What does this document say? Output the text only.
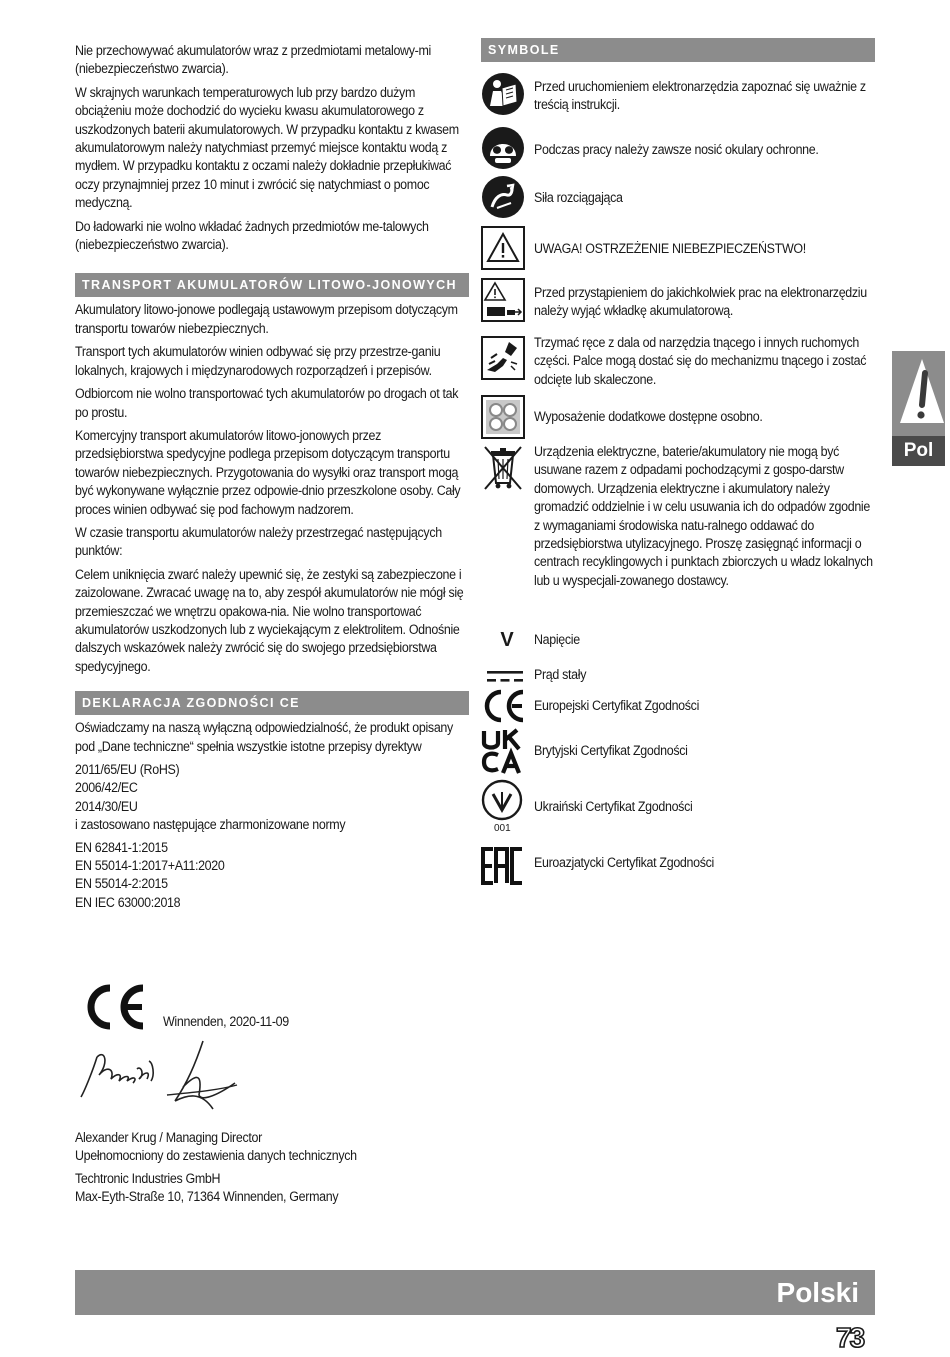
Nie przechowywać akumulatorów wraz z przedmiotami metalowy-mi (niebezpieczeństwo zwarcia).

W skrajnych warunkach temperaturowych lub przy bardzo dużym obciążeniu może dochodzić do wycieku kwasu akumulatorowego z uszkodzonych baterii akumulatorowych. W przypadku kontaktu z kwasem akumulatorowym należy natychmiast przemyć miejsce kontaktu wodą z mydłem. W przypadku kontaktu z oczami należy dokładnie przepłukiwać oczy przynajmniej przez 10 minut i zwrócić się natychmiast o pomoc medyczną.

Do ładowarki nie wolno wkładać żadnych przedmiotów me-talowych (niebezpieczeństwo zwarcia).

TRANSPORT AKUMULATORÓW LITOWO-JONOWYCH

Akumulatory litowo-jonowe podlegają ustawowym przepisom dotyczącym transportu towarów niebezpiecznych.

Transport tych akumulatorów winien odbywać się przy przestrze-ganiu lokalnych, krajowych i międzynarodowych rozporządzeń i przepisów.

Odbiorcom nie wolno transportować tych akumulatorów po drogach ot tak po prostu.

Komercyjny transport akumulatorów litowo-jonowych przez przedsiębiorstwa spedycyjne podlega przepisom dotyczącym transportu towarów niebezpiecznych. Przygotowania do wysyłki oraz transport mogą być wykonywane wyłącznie przez odpowie-dnio przeszkolone osoby. Cały proces winien odbywać się pod fachowym nadzorem.

W czasie transportu akumulatorów należy przestrzegać następujących punktów:

Celem uniknięcia zwarć należy upewnić się, że zestyki są zabezpieczone i zaizolowane. Zwracać uwagę na to, aby zespół akumulatorów nie mógł się przemieszczać we wnętrzu opakowa-nia. Nie wolno transportować akumulatorów uszkodzonych lub z wyciekającym z elektrolitem. Odnośnie dalszych wskazówek należy zwrócić się do swojego przedsiębiorstwa spedycyjnego.

DEKLARACJA ZGODNOŚCI CE

Oświadczamy na naszą wyłączną odpowiedzialność, że produkt opisany pod „Dane techniczne“ spełnia wszystkie istotne przepisy dyrektyw

2011/65/EU (RoHS)
2006/42/EC
2014/30/EU
i zastosowano następujące zharmonizowane normy

EN 62841-1:2015
EN 55014-1:2017+A11:2020
EN 55014-2:2015
EN IEC 63000:2018

Winnenden, 2020-11-09

Alexander Krug / Managing Director
Upełnomocniony do zestawienia danych technicznych

Techtronic Industries GmbH
Max-Eyth-Straße 10, 71364 Winnenden, Germany

SYMBOLE
Przed uruchomieniem elektronarzędzia zapoznać się uważnie z treścią instrukcji.
Podczas pracy należy zawsze nosić okulary ochronne.
Siła rozciągająca
UWAGA! OSTRZEŻENIE NIEBEZPIECZEŃSTWO!
Przed przystąpieniem do jakichkolwiek prac na elektronarzędziu należy wyjąć wkładkę akumulatorową.
Trzymać ręce z dala od narzędzia tnącego i innych ruchomych części. Palce mogą dostać się do mechanizmu tnącego i zostać odcięte lub skaleczone.
Wyposażenie dodatkowe dostępne osobno.
Urządzenia elektryczne, baterie/akumulatory nie mogą być usuwane razem z odpadami pochodzącymi z gospo-darstw domowych. Urządzenia elektryczne i akumulatory należy gromadzić oddzielnie i w celu usuwania ich do odpadów zgodnie z wymaganiami środowiska natu-ralnego oddawać do przedsiębiorstwa utylizacyjnego. Proszę zasięgnąć informacji o centrach recyklingowych i punktach zbiorczych u władz lokalnych lub u wyspecjali-zowanego dostawcy.
V Napięcie
Prąd stały
Europejski Certyfikat Zgodności
Brytyjski Certyfikat Zgodności
001
Ukraiński Certyfikat Zgodności
Euroazjatycki Certyfikat Zgodności
Pol
Polski
73
